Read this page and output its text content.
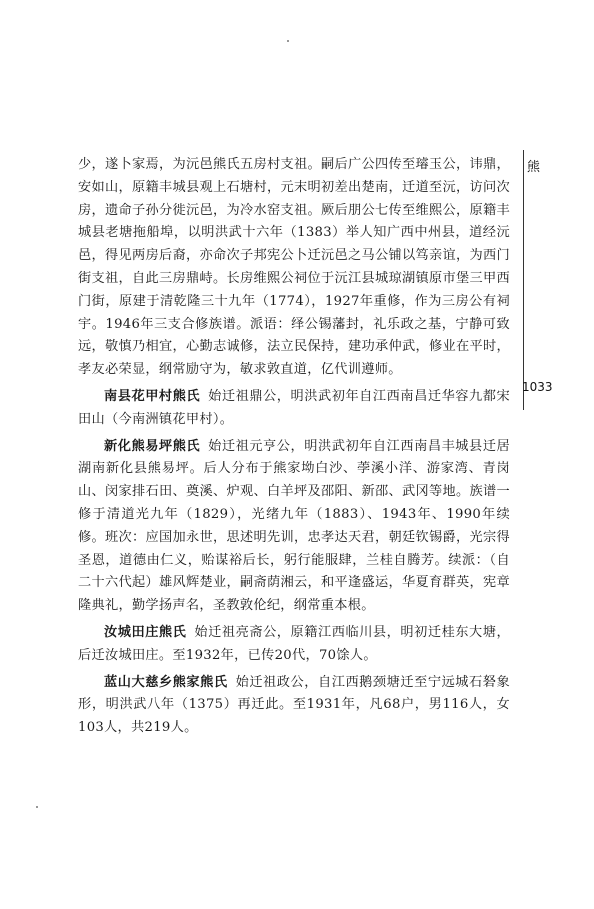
少，遂卜家焉，为沅邑熊氏五房村支祖。嗣后广公四传至璿玉公，讳鼎，安如山，原籍丰城县观上石塘村，元末明初差出楚南，迁道至沅，访问次房，遗命子孙分徙沅邑，为冷水窑支祖。厥后朋公七传至维熙公，原籍丰城县老塘拖船埠，以明洪武十六年（1383）举人知广西中州县，道经沅邑，得见两房后裔，亦命次子邦宪公卜迁沅邑之马公铺以笃亲谊，为西门街支祖，自此三房鼎峙。长房维熙公祠位于沅江县城琼湖镇原市堡三甲西门街，原建于清乾隆三十九年（1774），1927年重修，作为三房公有祠宇。1946年三支合修族谱。派语：绎公锡藩封，礼乐政之基，宁静可致远，敬慎乃相宜，心勤志诚修，法立民保持，建功承仲武，修业在平时，孝友必荣显，纲常励守为，敏求敦直道，亿代训遵师。

南县花甲村熊氏 始迁祖鼎公，明洪武初年自江西南昌迁华容九都宋田山（今南洲镇花甲村）。

新化熊易坪熊氏 始迁祖元亨公，明洪武初年自江西南昌丰城县迁居湖南新化县熊易坪。后人分布于熊家坳白沙、荸溪小洋、游家湾、青岗山、闵家排石田、奠溪、炉观、白羊坪及邵阳、新邵、武冈等地。族谱一修于清道光九年（1829），光绪九年（1883）、1943年、1990年续修。班次：应国加永世，思述明先训，忠孝达天君，朝廷钦锡爵，光宗得圣恩，道德由仁义，贻谋裕后长，躬行能服肆，兰桂自腾芳。续派：（自二十六代起）雄风辉楚业，嗣斋荫湘云，和平逢盛运，华夏育群英，宪章隆典礼，勤学扬声名，圣教敦伦纪，纲常重本根。

汝城田庄熊氏 始迁祖亮斋公，原籍江西临川县，明初迁桂东大塘，后迁汝城田庄。至1932年，已传20代，70馀人。

蓝山大慈乡熊家熊氏 始迁祖政公，自江西鹅颈塘迁至宁远城石砮象形，明洪武八年（1375）再迁此。至1931年，凡68户，男116人，女103人，共219人。

熊
1033
